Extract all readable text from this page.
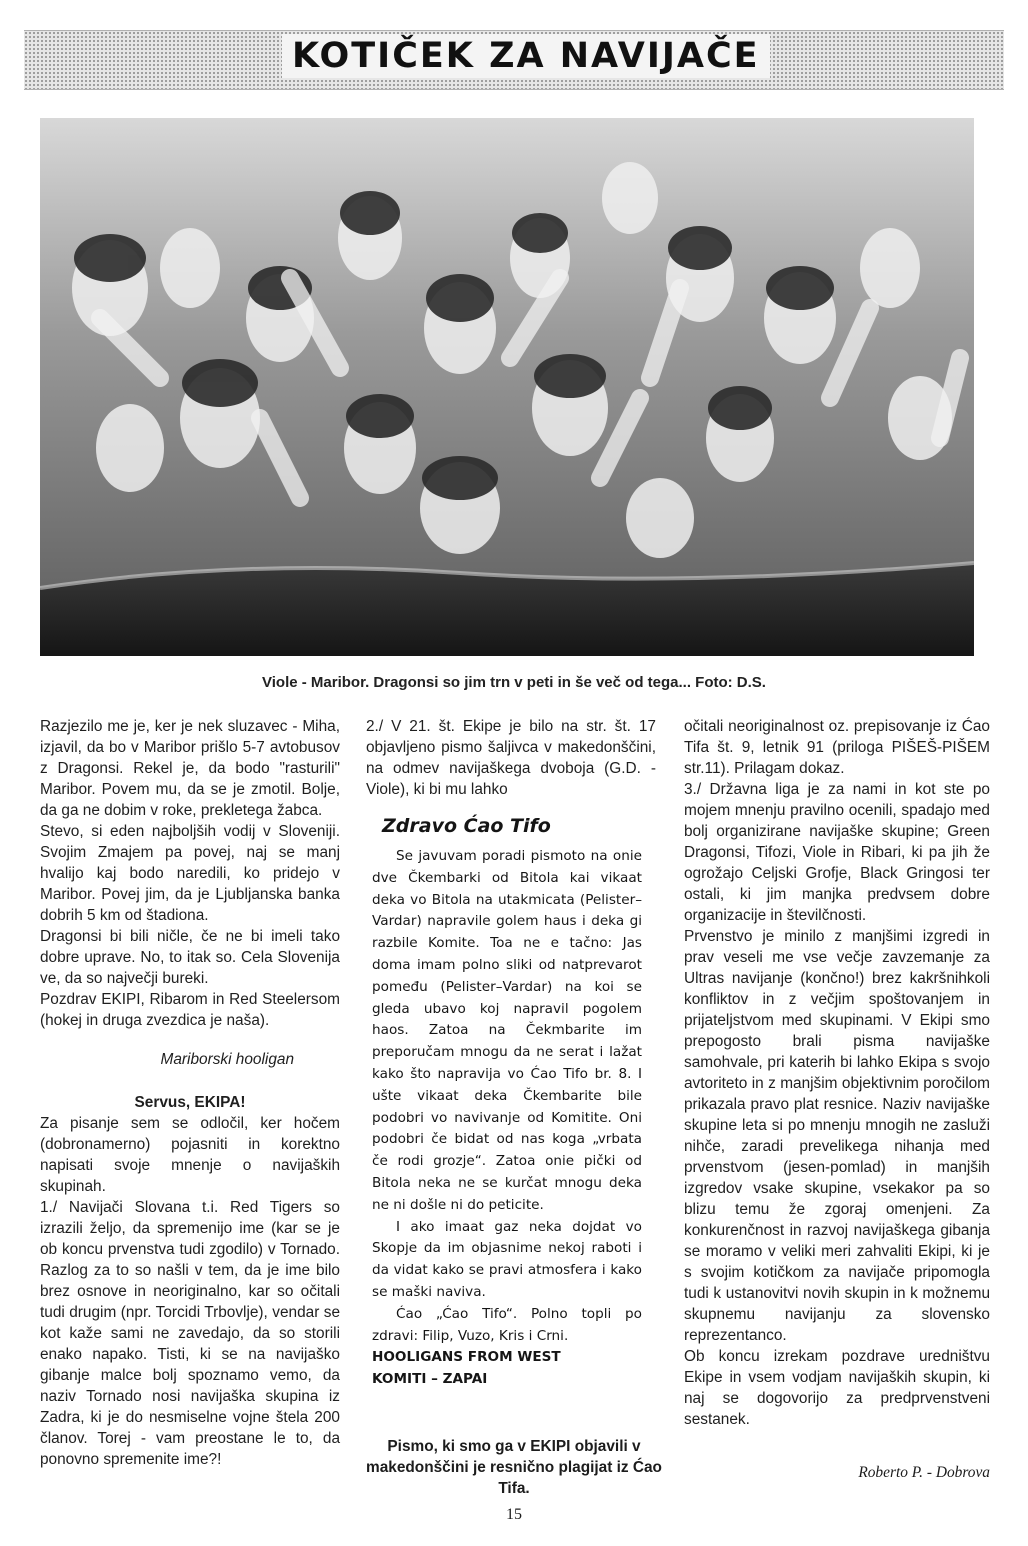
KOTIČEK ZA NAVIJAČE
Viole - Maribor. Dragonsi so jim trn v peti in še več od tega... Foto: D.S.

Razjezilo me je, ker je nek sluzavec - Miha, izjavil, da bo v Maribor prišlo 5-7 avtobusov z Dragonsi. Rekel je, da bodo "rasturili" Maribor. Povem mu, da se je zmotil. Bolje, da ga ne dobim v roke, prekletega žabca.

Stevo, si eden najboljših vodij v Sloveniji. Svojim Zmajem pa povej, naj se manj hvalijo kaj bodo naredili, ko pridejo v Maribor. Povej jim, da je Ljubljanska banka dobrih 5 km od štadiona.

Dragonsi bi bili ničle, če ne bi imeli tako dobre uprave. No, to itak so. Cela Slovenija ve, da so največji bureki.

Pozdrav EKIPI, Ribarom in Red Steelersom (hokej in druga zvezdica je naša).

Mariborski hooligan

Servus, EKIPA!

Za pisanje sem se odločil, ker hočem (dobronamerno) pojasniti in korektno napisati svoje mnenje o navijaških skupinah.

1./ Navijači Slovana t.i. Red Tigers so izrazili željo, da spremenijo ime (kar se je ob koncu prvenstva tudi zgodilo) v Tornado. Razlog za to so našli v tem, da je ime bilo brez osnove in neoriginalno, kar so očitali tudi drugim (npr. Torcidi Trbovlje), vendar se kot kaže sami ne zavedajo, da so storili enako napako. Tisti, ki se na navijaško gibanje malce bolj spoznamo vemo, da naziv Tornado nosi navijaška skupina iz Zadra, ki je do nesmiselne vojne štela 200 članov. Torej - vam preostane le to, da ponovno spremenite ime?!

2./ V 21. št. Ekipe je bilo na str. št. 17 objavljeno pismo šaljivca v makedonščini, na odmev navijaškega dvoboja (G.D. - Viole), ki bi mu lahko

Zdravo Ćao Tifo

Se javuvam poradi pismoto na onie dve Čkembarki od Bitola kai vikaat deka vo Bitola na utakmicata (Pelister–Vardar) napravile golem haus i deka gi razbile Komite. Toa ne e tačno: Jas doma imam polno sliki od natprevarot pomeđu (Pelister–Vardar) na koi se gleda ubavo koj napravil pogolem haos. Zatoa na Čekmbarite im preporučam mnogu da ne serat i lažat kako što napravija vo Ćao Tifo br. 8. I ušte vikaat deka Čkembarite bile podobri vo navivanje od Komitite. Oni podobri če bidat od nas koga „vrbata če rodi grozje“. Zatoa onie pički od Bitola neka ne se kurčat mnogu deka ne ni došle ni do peticite.

I ako imaat gaz neka dojdat vo Skopje da im objasnime nekoj raboti i da vidat kako se pravi atmosfera i kako se maški naviva.

Ćao „Ćao Tifo“. Polno topli po zdravi: Filip, Vuzo, Kris i Crni.

HOOLIGANS FROM WEST

KOMITI – ZAPAI

Pismo, ki smo ga v EKIPI objavili v makedonščini je resnično plagijat iz Ćao Tifa.

očitali neoriginalnost oz. prepisovanje iz Ćao Tifa št. 9, letnik 91 (priloga PIŠEŠ-PIŠEM str.11). Prilagam dokaz.

3./ Državna liga je za nami in kot ste po mojem mnenju pravilno ocenili, spadajo med bolj organizirane navijaške skupine; Green Dragonsi, Tifozi, Viole in Ribari, ki pa jih že ogrožajo Celjski Grofje, Black Gringosi ter ostali, ki jim manjka predvsem dobre organizacije in številčnosti.

Prvenstvo je minilo z manjšimi izgredi in prav veseli me vse večje zavzemanje za Ultras navijanje (končno!) brez kakršnihkoli konfliktov in z večjim spoštovanjem in prijateljstvom med skupinami. V Ekipi smo prepogosto brali pisma navijaške samohvale, pri katerih bi lahko Ekipa s svojo avtoriteto in z manjšim objektivnim poročilom prikazala pravo plat resnice. Naziv navijaške skupine leta si po mnenju mnogih ne zasluži nihče, zaradi prevelikega nihanja med prvenstvom (jesen-pomlad) in manjših izgredov vsake skupine, vsekakor pa so blizu temu že zgoraj omenjeni. Za konkurenčnost in razvoj navijaškega gibanja se moramo v veliki meri zahvaliti Ekipi, ki je s svojim kotičkom za navijače pripomogla tudi k ustanovitvi novih skupin in k možnemu skupnemu navijanju za slovensko reprezentanco.

Ob koncu izrekam pozdrave uredništvu Ekipe in vsem vodjam navijaških skupin, ki naj se dogovorijo za predprvenstveni sestanek.

Roberto P. - Dobrova
15
